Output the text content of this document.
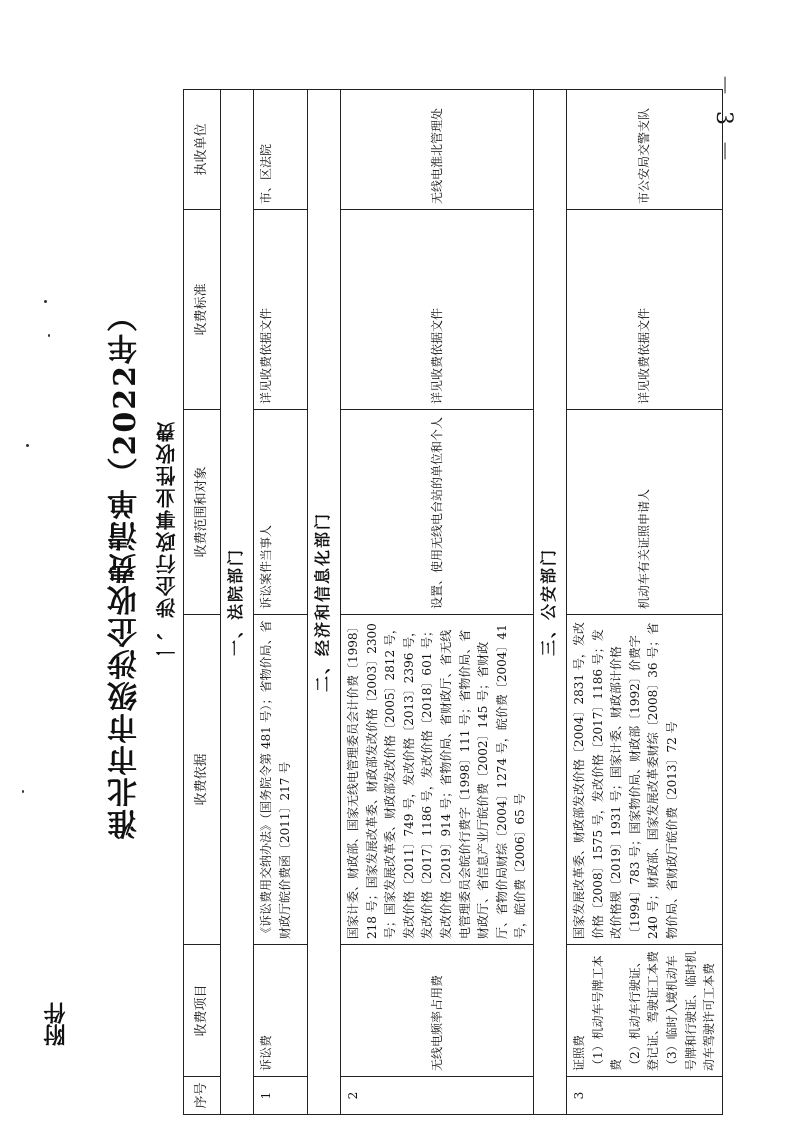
－ 3 －
附件
淮北市市级涉企收费清单（2022年） 一、涉企行政事业性收费
序号	收费项目	收费依据	收费范围和对象	收费标准	执收单位
一、法院部门					
1	诉讼费	《诉讼费用交纳办法》（国务院令第 481 号）；省物价局、省财政厅皖价费函〔2011〕217 号	诉讼案件当事人	详见收费依据文件	市、区法院
二、经济和信息化部门					
2	无线电频率占用费	国家计委、财政部、国家无线电管理委员会计价费〔1998〕218 号；国家发展改革委、财政部发改价格〔2003〕2300 号；国家发展改革委、财政部发改价格〔2005〕2812 号，发改价格〔2011〕749 号，发改价格〔2013〕2396 号，发改价格〔2017〕1186 号，发改价格〔2018〕601 号；发改价格〔2019〕914 号；省物价局、省财政厅、省无线电管理委员会皖价行费字〔1998〕111 号；省物价局、省财政厅、省信息产业厅皖价费〔2002〕145 号；省财政厅、省物价局财综〔2004〕1274 号，皖价费〔2004〕41 号，皖价费〔2006〕65 号	设置、使用无线电台站的单位和个人	详见收费依据文件	无线电淮北管理处
三、公安部门					
3	证照费 （1）机动车号牌工本费 （2）机动车行驶证、登记证、驾驶证工本费 （3）临时入境机动车号牌和行驶证、临时机动车驾驶许可工本费	国家发展改革委、财政部发改价格〔2004〕2831 号，发改价格〔2008〕1575 号，发改价格〔2017〕1186 号；发改价格规〔2019〕1931 号；国家计委、财政部计价格〔1994〕783 号；国家物价局、财政部〔1992〕价费字 240 号；财政部、国家发展改革委财综〔2008〕36 号；省物价局、省财政厅皖价费〔2013〕72 号	机动车有关证照申请人	详见收费依据文件	市公安局交警支队
